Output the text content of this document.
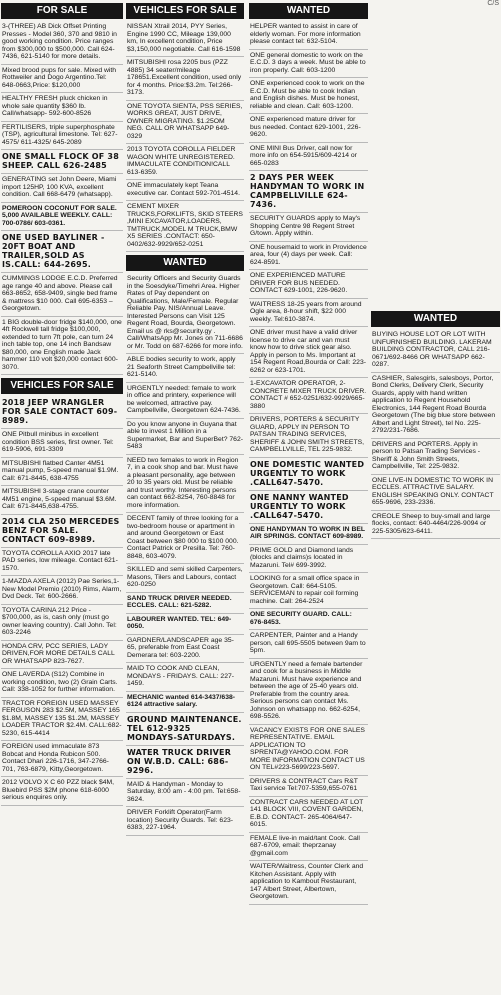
C/S
FOR SALE
3-(THREE) AB Dick Offset Printing Presses - Model 360, 370 and 9810 in good working condition. Price ranges from $300,000 to $500,000. Call 624-7436, 621-5140 for more details.
Mixed brood pups for sale. Mixed with Rottweiler and Dogo Argentino.Tel: 648-0663,Price: $120,000
HEALTHY FRESH pluck chicken in whole sale quantity $360 lb. Call/whatsapp- 592-600-8526
FERTILISERS, triple superphosphate (TSP), agricultural limestone. Tel: 627-4575/ 611-4325/ 645-2089
ONE SMALL FLOCK OF 38 SHEEP. CALL 626-2485
GENERATING set John Deere, Miami import 125HP, 100 KVA, excellent condition. Call 668-6479 (whatsapp).
POMEROON COCONUT FOR SALE. 5,000 AVAILABLE WEEKLY. CALL: 700-0786/ 603-0361.
ONE USED BAYLINER - 20FT BOAT AND TRAILER,SOLD AS IS.CALL: 644-2695.
CUMMINGS LODGE E.C.D. Preferred age range 40 and above. Please call 663-8652, 658-9409, single bed frame & mattress $10 000. Call 695-6353 – Georgetown.
1 BIG double-door fridge $140,000, one 4ft Rockwell tall fridge $100,000, extended to turn 7ft pole, can turn 24 inch table top, one 14 inch Bandsaw $80,000, one English made Jack hammer 110 volt $20,000 contact 600-3070.
VEHICLES FOR SALE
2018 JEEP WRANGLER FOR SALE CONTACT 609-8989.
ONE Pitbull minibus in excellent condition BSS series, first owner. Tel: 619-5906, 691-3309
MITSUBISHI flatbed Canter 4M51 manual pump, 5-speed manual $1.9M. Call: 671-8445, 638-4755
MITSUBISHI 3-stage crane counter 4M51 engine, 5-speed manual $3.6M. Call: 671-8445,638-4755.
2014 CLA 250 MERCEDES BENZ FOR SALE. CONTACT 609-8989.
TOYOTA COROLLA AXIO 2017 late PAD series, low mileage. Contact 621-1570.
1-MAZDA AXELA (2012) Pae Series,1- New Model Premio (2010) Rims, Alarm, Dvd Deck. Tel: 600-2666.
TOYOTA CARINA 212 Price - $700,000, as is, cash only (must go owner leaving country). Call John. Tel: 603-2246
HONDA CRV, PCC SERIES, LADY DRIVEN,FOR MORE DETAILS CALL OR WHATSAPP 823-7627.
ONE LAVERDA (S12) Combine in working condition, two (2) Grain Carts. Call: 338-1052 for further information.
TRACTOR FOREIGN USED MASSEY FERGUSON 283 $2.5M, MASSEY 165 $1.8M, MASSEY 135 $1.2M, MASSEY LOADER TRACTOR $2.4M. CALL:682-5230, 615-4414
FOREIGN used immaculate 873 Bobcat and Honda Rubicon 500. Contact Dhari 226-1716, 347-2766-701, 763-6879, Kitty,Georgetown.
2012 VOLVO X C 60 PZZ black $4M, Bluebird PSS $2M phone 618-6000 serious enquires only.
VEHICLES FOR SALE
NISSAN Xtrail 2014, PYY Series, Engine 1990 CC, Mileage 139,000 km, In excellent condition, Price $3,150,000 negotiable. Call 616-1598
MITSUBISHI rosa 2205 bus (PZZ 4885) 34 seater/mileage 178651.Excellent condition, used only for 4 months. Price:$3.2m. Tel:266-3173.
ONE TOYOTA SIENTA, PSS SERIES, WORKS GREAT, JUST DRIVE, OWNER MIGRATING. $1.25OM NEG. CALL OR WHATSAPP 649-0329
2013 TOYOTA COROLLA FIELDER WAGON WHITE UNREGISTERED. IMMACULATE CONDITION!CALL 613-6359.
ONE immaculately kept Teana executive car. Contact 592-701-4514.
CEMENT MIXER TRUCKS,FORKLIFTS, SKID STEERS ,MINI EXCAVATOR,LOADERS, TMTRUCK,MODEL M TRUCK,BMW X5 SERIES .CONTACT: 650-0402/632-9929/652-0251
WANTED
Security Officers and Security Guards in the Soesdyke/Timehri Area. Higher Rates of Pay dependent on Qualifications, Male/Female. Regular Reliable Pay. NIS/Annual Leave. Interested Persons can Visit 125 Regent Road, Bourda, Georgetown. Email us @ rks@security.gy . Call/WhatsApp Mr. Jones on 711-6686 or Mr. Todd on 687-6266 for more info.
ABLE bodies security to work, apply 21 Seaforth Street Campbellville tel: 621-5140.
URGENTLY needed: female to work in office and printery, experience will be welcomed, attractive pay. Campbellville, Georgetown 624-7436.
Do you know anyone in Guyana that able to invest 1 Million in a Supermarket, Bar and SuperBet? 762-5483
NEED two females to work in Region 7, in a cook shop and bar. Must have a pleasant personality, age between 20 to 35 years old. Must be reliable and trust worthy. Interesting persons can contact 662-8254, 760-8848 for more information.
DECENT family of three looking for a two-bedroom house or apartment in and around Georgetown or East Coast between $80 000 to $100 000. Contact Patrick or Presilla. Tel: 760-8848, 603-4079.
SKILLED and semi skilled Carpenters, Masons, Tilers and Labours, contact 620-0250
SAND TRUCK DRIVER NEEDED. ECCLES. CALL: 621-5282.
LABOURER WANTED. TEL: 649-0050.
GARDNER/LANDSCAPER age 35-65, preferable from East Coast Demerara tel: 603-2200.
MAID TO COOK AND CLEAN, MONDAYS - FRIDAYS. CALL: 227-1459.
MECHANIC wanted 614-3437/638-6124 attractive salary.
GROUND MAINTENANCE. TEL 612-9325 MONDAYS-SATURDAYS.
WATER TRUCK DRIVER ON W.B.D. CALL: 686-9296.
MAID & Handyman - Monday to Saturday, 8:00 am - 4:00 pm. Tel:658-3624.
DRIVER Forklift Operator(Farm location) Security Guards. Tel: 623-6383, 227-1964.
WANTED
HELPER wanted to assist in care of elderly woman. For more information please contact tel: 632-5104.
ONE general domestic to work on the E.C.D. 3 days a week. Must be able to iron properly. Call: 603-1200
ONE experienced cook to work on the E.C.D. Must be able to cook Indian and English dishes. Must be honest, reliable and clean. Call: 603-1200.
ONE experienced mature driver for bus needed. Contact 629-1001, 226-9620.
ONE MINI Bus Driver, call now for more info on 654-5915/609-4214 or 665-0283
2 DAYS PER WEEK HANDYMAN TO WORK IN CAMPBELLVILLE 624-7436.
SECURITY GUARDS apply to May's Shopping Centre 98 Regent Street G/town. Apply within.
ONE housemaid to work in Providence area, four (4) days per week. Call: 624-8591.
ONE EXPERIENCED MATURE DRIVER FOR BUS NEEDED. CONTACT 629-1001, 226-9620.
WAITRESS 18-25 years from around Ogle area, 8-hour shift, $22 000 weekly. Tel:610-3874.
ONE driver must have a valid driver license to drive car and van must know how to drive stick gear also. Apply in person to Ms. Important at 154 Regent Road,Bourda or Call: 223-6262 or 623-1701.
1-EXCAVATOR OPERATOR, 2- CONCRETE MIXER TRUCK DRIVER. CONTACT # 652-0251/632-9929/665-3880
DRIVERS, PORTERS & SECURITY GUARD, APPLY IN PERSON TO PATSAN TRADING SERVICES, SHERIFF & JOHN SMITH STREETS, CAMPBELLVILLE, TEL 225-9832.
ONE DOMESTIC WANTED URGENTLY TO WORK .CALL647-5470.
ONE NANNY WANTED URGENTLY TO WORK .CALL647-5470.
ONE HANDYMAN TO WORK IN BEL AIR SPRINGS. CONTACT 609-8989.
PRIME GOLD and Diamond lands (blocks and claims)s located in Mazaruni. Tel# 699-3992.
LOOKING for a small office space in Georgetown. Call: 664-5105. SERVICEMAN to repair coil forming machine. Call: 264-2524
ONE SECURITY GUARD. CALL: 676-8453.
CARPENTER, Painter and a Handy person, call 695-5505 between 9am to 5pm.
URGENTLY need a female bartender and cook for a business in Middle Mazaruni. Must have experience and between the age of 25-40 years old. Preferable from the country area. Serious persons can contact Ms. Johnson on whatsapp no. 662-6254, 698-5526.
VACANCY EXISTS FOR ONE SALES REPRESENTATIVE. EMAIL APPLICATION TO SPRENTA@YAHOO.COM. FOR MORE INFORMATION CONTACT US ON TEL#223-5699/223-5697.
DRIVERS & CONTRACT Cars R&T Taxi service Tel:707-5359,655-0761
CONTRACT CARS NEEDED AT LOT 141 BLOCK VIII, COVENT GARDEN, E.B.D. CONTACT- 265-4064/647-6015.
FEMALE live-in maid/tant Cook. Call 687-6709, email: theprzanay @gmail.com
WAITER/Waitress, Counter Clerk and Kitchen Assistant. Apply with application to Kambout Restaurant, 147 Albert Street, Albertown, Georgetown.
WANTED
BUYING HOUSE LOT OR LOT WITH UNFURNISHED BUILDING. LAKERAM BUILDING CONTRACTOR, CALL 216-0671/692-8466 OR WHATSAPP 662-0287.
CASHIER, Salesgirls, salesboys, Portor, Bond Clerks, Delivery Clerk, Security Guards, apply with hand written application to Regent Household Electronics, 144 Regent Road Bourda Georgetown (The big blue store between Albert and Light Street), tel No. 225-2792/231-7686.
DRIVERS and PORTERS. Apply in person to Patsan Trading Services - Sheriff & John Smith Streets, Campbellville, Tel: 225-9832.
ONE LIVE-IN DOMESTIC TO WORK IN ECCLES. ATTRACTIVE SALARY. ENGLISH SPEAKING ONLY. CONTACT 655-9696, 233-2336.
CREOLE Sheep to buy-small and large flocks, contact: 640-4464/226-9094 or 225-5305/623-6411.
